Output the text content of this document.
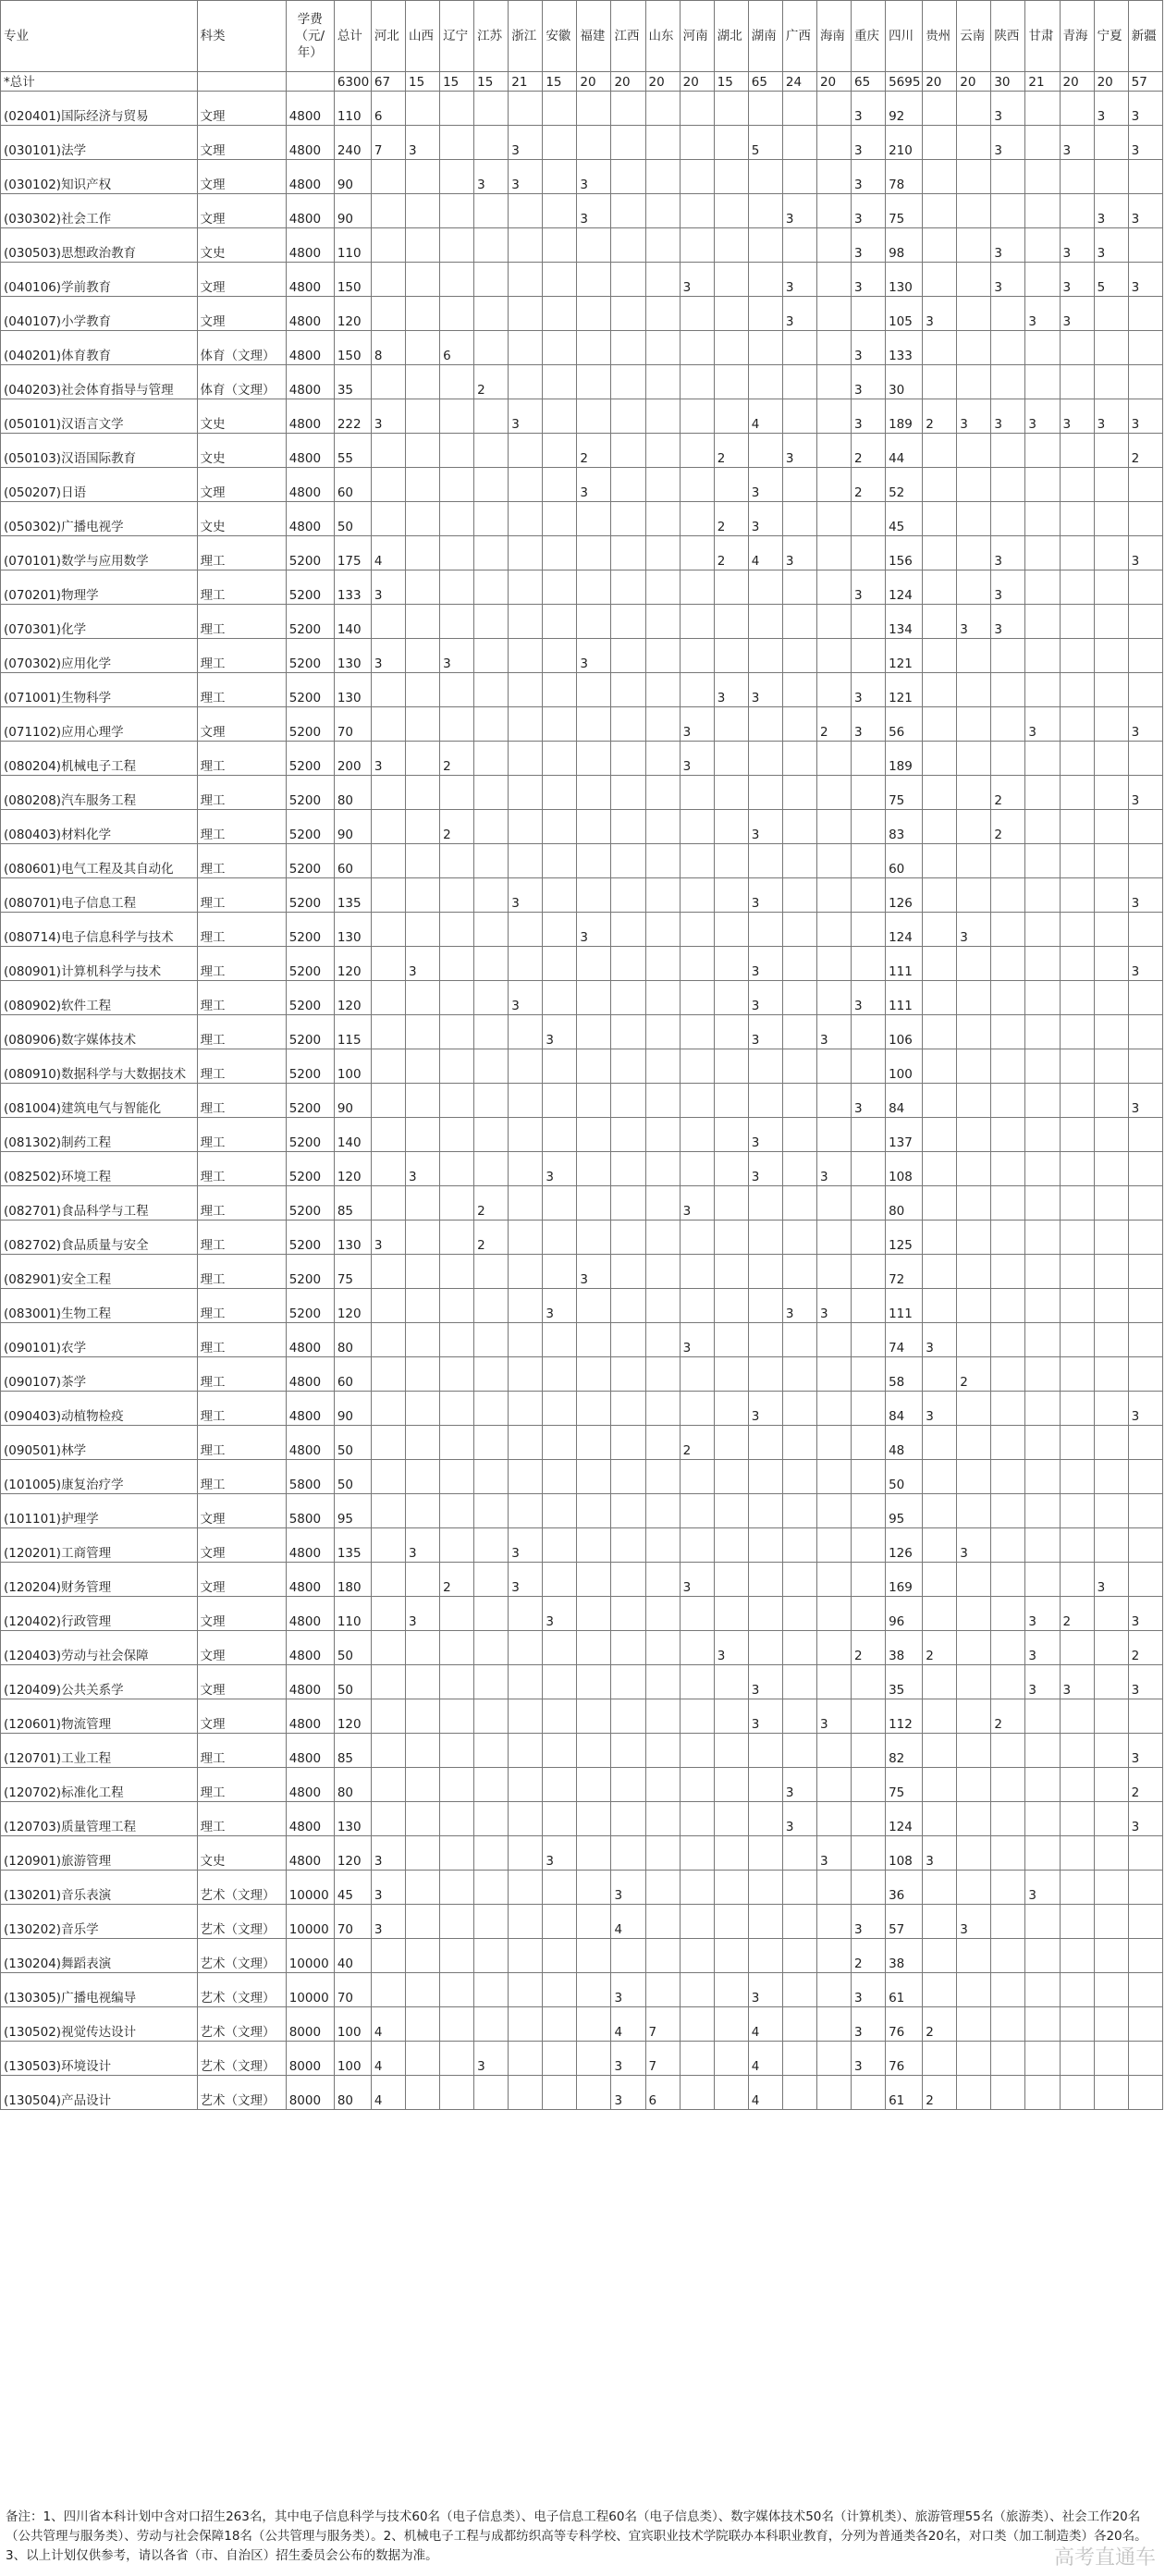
专业	科类	学费（元/年）	总计	河北	山西	辽宁	江苏	浙江	安徽	福建	江西	山东	河南	湖北	湖南	广西	海南	重庆	四川	贵州	云南	陕西	甘肃	青海	宁夏	新疆
*总计			6300	67	15	15	15	21	15	20	20	20	20	15	65	24	20	65	5695	20	20	30	21	20	20	57
(020401)国际经济与贸易	文理	4800	110	6														3	92			3			3	3
(030101)法学	文理	4800	240	7	3			3							5			3	210			3		3		3
(030102)知识产权	文理	4800	90				3	3		3								3	78							
(030302)社会工作	文理	4800	90							3						3		3	75						3	3
(030503)思想政治教育	文史	4800	110															3	98			3		3	3	
(040106)学前教育	文理	4800	150										3			3		3	130			3		3	5	3
(040107)小学教育	文理	4800	120													3			105	3			3	3		
(040201)体育教育	体育（文理）	4800	150	8		6												3	133							
(040203)社会体育指导与管理	体育（文理）	4800	35				2											3	30							
(050101)汉语言文学	文史	4800	222	3				3							4			3	189	2	3	3	3	3	3	3
(050103)汉语国际教育	文史	4800	55							2				2		3		2	44							2
(050207)日语	文理	4800	60							3					3			2	52							
(050302)广播电视学	文史	4800	50											2	3				45							
(070101)数学与应用数学	理工	5200	175	4										2	4	3			156			3				3
(070201)物理学	理工	5200	133	3														3	124			3				
(070301)化学	理工	5200	140																134		3	3				
(070302)应用化学	理工	5200	130	3		3				3									121							
(071001)生物科学	理工	5200	130											3	3			3	121							
(071102)应用心理学	文理	5200	70										3				2	3	56				3			3
(080204)机械电子工程	理工	5200	200	3		2							3						189							
(080208)汽车服务工程	理工	5200	80																75			2				3
(080403)材料化学	理工	5200	90			2									3				83			2				
(080601)电气工程及其自动化	理工	5200	60																60							
(080701)电子信息工程	理工	5200	135					3							3				126							3
(080714)电子信息科学与技术	理工	5200	130							3									124		3					
(080901)计算机科学与技术	理工	5200	120		3										3				111							3
(080902)软件工程	理工	5200	120					3							3			3	111							
(080906)数字媒体技术	理工	5200	115						3						3		3		106							
(080910)数据科学与大数据技术	理工	5200	100																100							
(081004)建筑电气与智能化	理工	5200	90															3	84							3
(081302)制药工程	理工	5200	140												3				137							
(082502)环境工程	理工	5200	120		3				3						3		3		108							
(082701)食品科学与工程	理工	5200	85				2						3						80							
(082702)食品质量与安全	理工	5200	130	3			2												125							
(082901)安全工程	理工	5200	75							3									72							
(083001)生物工程	理工	5200	120						3							3	3		111							
(090101)农学	理工	4800	80										3						74	3						
(090107)茶学	理工	4800	60																58		2					
(090403)动植物检疫	理工	4800	90												3				84	3						3
(090501)林学	理工	4800	50										2						48							
(101005)康复治疗学	理工	5800	50																50							
(101101)护理学	文理	5800	95																95							
(120201)工商管理	文理	4800	135		3			3											126		3					
(120204)财务管理	文理	4800	180			2		3					3						169						3	
(120402)行政管理	文理	4800	110		3				3										96				3	2		3
(120403)劳动与社会保障	文理	4800	50											3				2	38	2			3			2
(120409)公共关系学	文理	4800	50												3				35				3	3		3
(120601)物流管理	文理	4800	120												3		3		112			2				
(120701)工业工程	理工	4800	85																82							3
(120702)标准化工程	理工	4800	80													3			75							2
(120703)质量管理工程	理工	4800	130													3			124							3
(120901)旅游管理	文史	4800	120	3					3								3		108	3						
(130201)音乐表演	艺术（文理）	10000	45	3							3								36				3			
(130202)音乐学	艺术（文理）	10000	70	3							4							3	57		3					
(130204)舞蹈表演	艺术（文理）	10000	40															2	38							
(130305)广播电视编导	艺术（文理）	10000	70								3				3			3	61							
(130502)视觉传达设计	艺术（文理）	8000	100	4							4	7			4			3	76	2						
(130503)环境设计	艺术（文理）	8000	100	4			3				3	7			4			3	76							
(130504)产品设计	艺术（文理）	8000	80	4							3	6			4				61	2						
备注：1、四川省本科计划中含对口招生263名，其中电子信息科学与技术60名（电子信息类）、电子信息工程60名（电子信息类）、数字媒体技术50名（计算机类）、旅游管理55名（旅游类）、社会工作20名（公共管理与服务类）、劳动与社会保障18名（公共管理与服务类）。2、机械电子工程与成都纺织高等专科学校、宜宾职业技术学院联办本科职业教育，分列为普通类各20名，对口类（加工制造类）各20名。3、以上计划仅供参考，请以各省（市、自治区）招生委员会公布的数据为准。	高考直通车
